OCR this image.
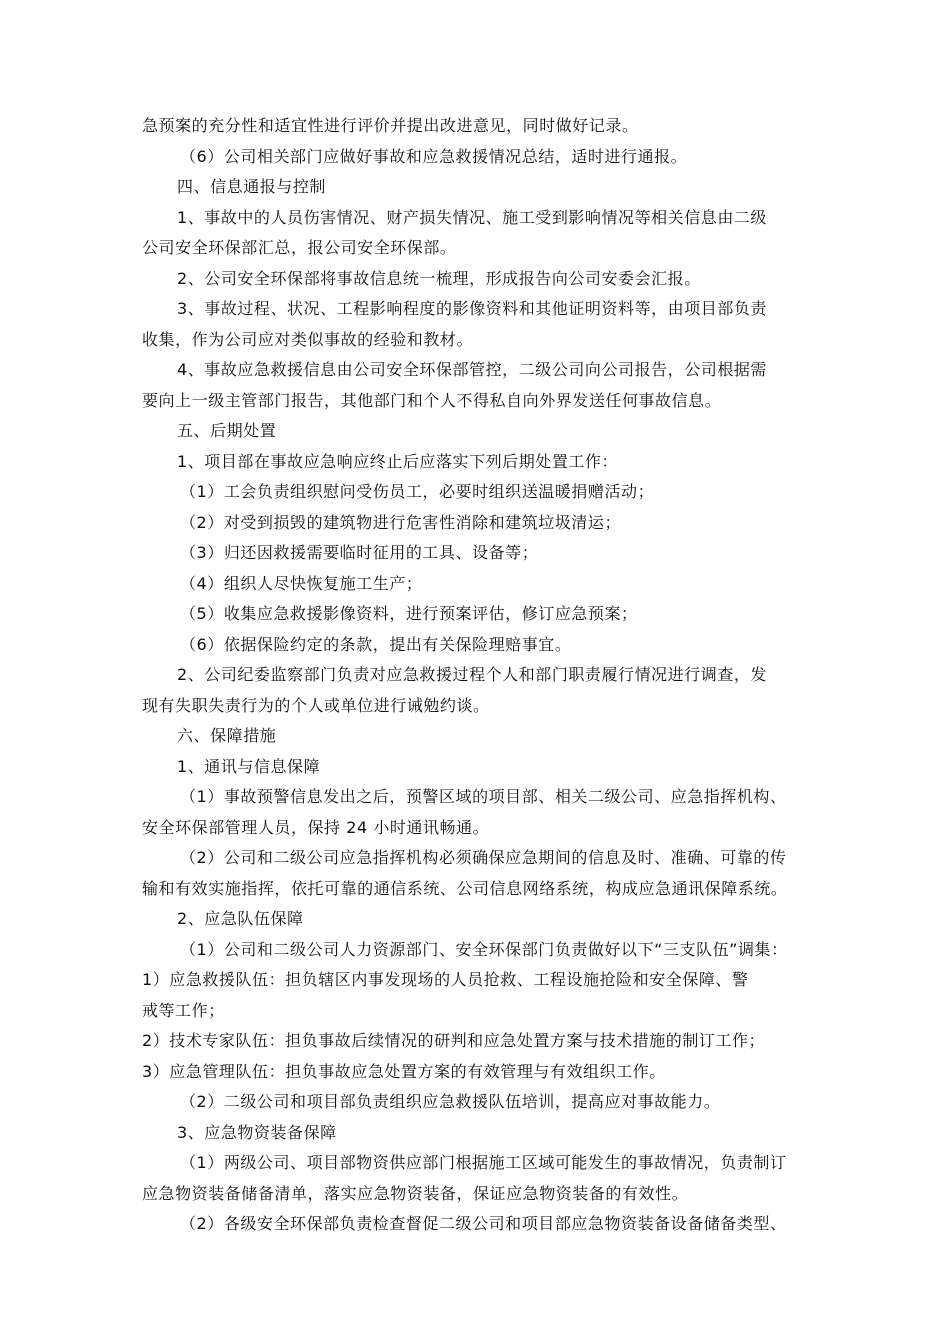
急预案的充分性和适宜性进行评价并提出改进意见，同时做好记录。

（6）公司相关部门应做好事故和应急救援情况总结，适时进行通报。

四、信息通报与控制

1、事故中的人员伤害情况、财产损失情况、施工受到影响情况等相关信息由二级

公司安全环保部汇总，报公司安全环保部。

2、公司安全环保部将事故信息统一梳理，形成报告向公司安委会汇报。

3、事故过程、状况、工程影响程度的影像资料和其他证明资料等，由项目部负责

收集，作为公司应对类似事故的经验和教材。

4、事故应急救援信息由公司安全环保部管控，二级公司向公司报告，公司根据需

要向上一级主管部门报告，其他部门和个人不得私自向外界发送任何事故信息。

五、后期处置

1、项目部在事故应急响应终止后应落实下列后期处置工作：

（1）工会负责组织慰问受伤员工，必要时组织送温暖捐赠活动；

（2）对受到损毁的建筑物进行危害性消除和建筑垃圾清运；

（3）归还因救援需要临时征用的工具、设备等；

（4）组织人尽快恢复施工生产；

（5）收集应急救援影像资料，进行预案评估，修订应急预案；

（6）依据保险约定的条款，提出有关保险理赔事宜。

2、公司纪委监察部门负责对应急救援过程个人和部门职责履行情况进行调查，发

现有失职失责行为的个人或单位进行诫勉约谈。

六、保障措施

1、通讯与信息保障

（1）事故预警信息发出之后，预警区域的项目部、相关二级公司、应急指挥机构、

安全环保部管理人员，保持 24 小时通讯畅通。

（2）公司和二级公司应急指挥机构必须确保应急期间的信息及时、准确、可靠的传

输和有效实施指挥，依托可靠的通信系统、公司信息网络系统，构成应急通讯保障系统。

2、应急队伍保障

（1）公司和二级公司人力资源部门、安全环保部门负责做好以下“三支队伍”调集：

1）应急救援队伍：担负辖区内事发现场的人员抢救、工程设施抢险和安全保障、警

戒等工作；

2）技术专家队伍：担负事故后续情况的研判和应急处置方案与技术措施的制订工作；

3）应急管理队伍：担负事故应急处置方案的有效管理与有效组织工作。

（2）二级公司和项目部负责组织应急救援队伍培训，提高应对事故能力。

3、应急物资装备保障

（1）两级公司、项目部物资供应部门根据施工区域可能发生的事故情况，负责制订

应急物资装备储备清单，落实应急物资装备，保证应急物资装备的有效性。

（2）各级安全环保部负责检查督促二级公司和项目部应急物资装备设备储备类型、
